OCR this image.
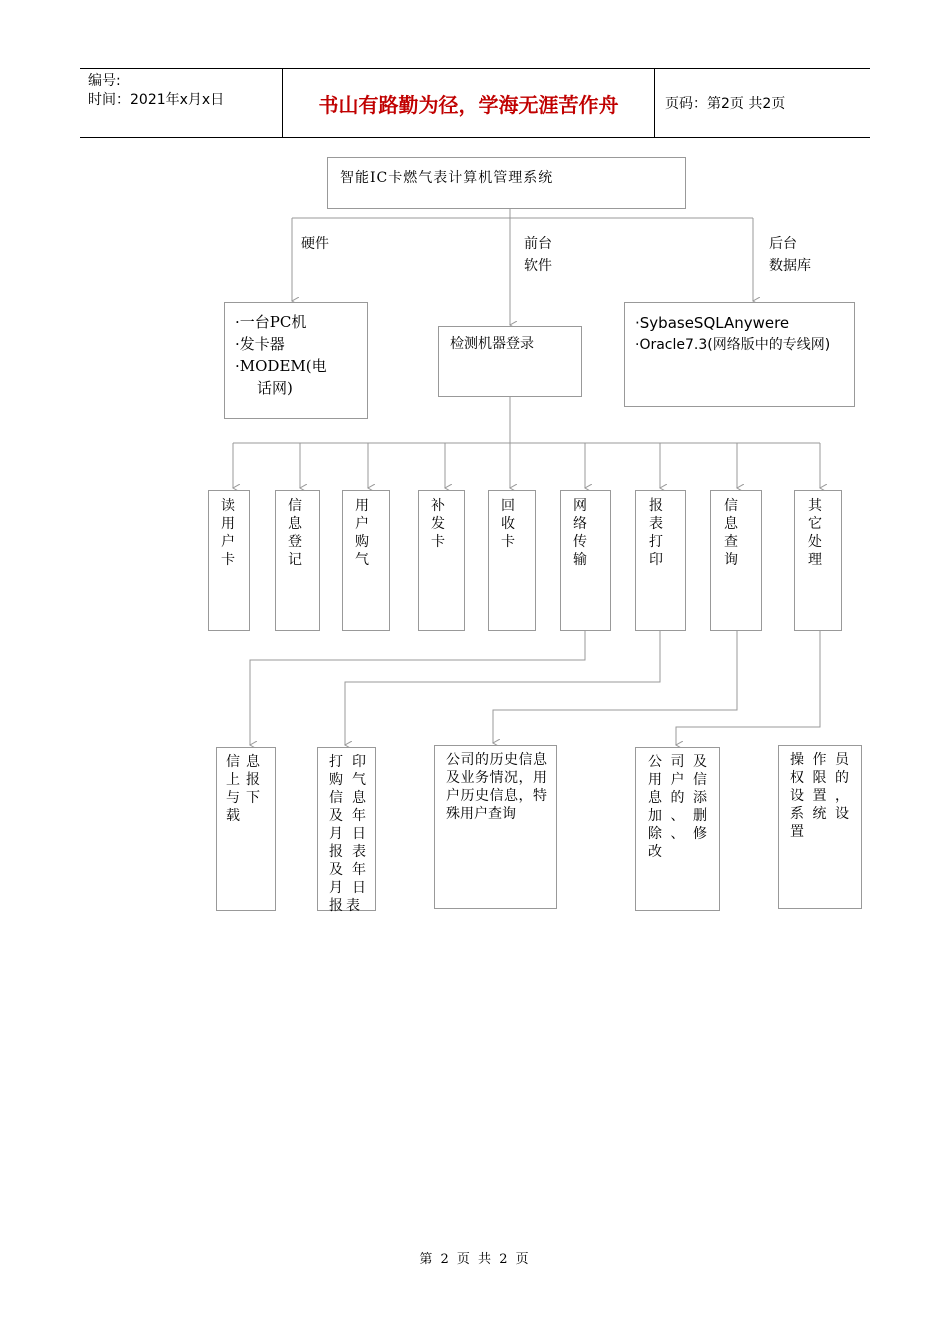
编号:
时间：2021年x月x日	书山有路勤为径，学海无涯苦作舟	页码：第2页 共2页
智能IC卡燃气表计算机管理系统
硬件	前台
软件
后台
数据库
·一台PC机
·发卡器
·MODEM(电
话网)
检测机器登录
·SybaseSQLAnywere
·Oracle7.3(网络版中的专线网)
读用户卡
信息登记
用户购气
补发卡
回收卡
网络传输
报表打印
信息查询
其它处理
信息上报与下载
打印购气信息及年月日报表及年月日报表
公司的历史信息及业务情况，用户历史信息，特殊用户查询
公司及用户信息的添加、删除、修改
操作员权限的设置，系统设置
第 2 页 共 2 页
